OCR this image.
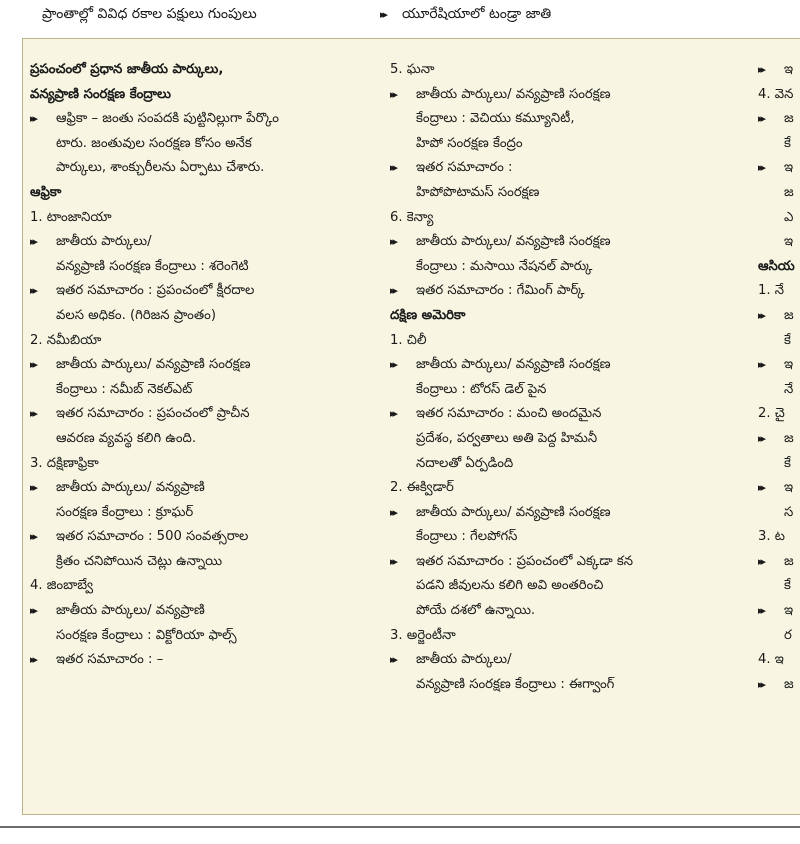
ప్రాంతాల్లో వివిధ రకాల పక్షులు గుంపులు	▸▸ యూరేషియాలో టండ్రా జాతి
ప్రపంచంలో ప్రధాన జాతీయ పార్కులు,
వన్యప్రాణి సంరక్షణ కేంద్రాలు
▸▸ ఆఫ్రికా – జంతు సంపదకి పుట్టినిల్లుగా పేర్కొం
టారు. జంతువుల సంరక్షణ కోసం అనేక
పార్కులు, శాంక్చురీలను ఏర్పాటు చేశారు.
ఆఫ్రికా
1. టాంజానియా
▸▸ జాతీయ పార్కులు/
వన్యప్రాణి సంరక్షణ కేంద్రాలు : శరెంగెటి
▸▸ ఇతర సమాచారం : ప్రపంచంలో క్షీరదాల
వలస అధికం. (గిరిజన ప్రాంతం)
2. నమీబియా
▸▸ జాతీయ పార్కులు/ వన్యప్రాణి సంరక్షణ
కేంద్రాలు : నమీబ్ నెకల్ఎట్
▸▸ ఇతర సమాచారం : ప్రపంచంలో ప్రాచీన
ఆవరణ వ్యవస్థ కలిగి ఉంది.
3. దక్షిణాఫ్రికా
▸▸ జాతీయ పార్కులు/ వన్యప్రాణి
సంరక్షణ కేంద్రాలు : క్రూఘర్
▸▸ ఇతర సమాచారం : 500 సంవత్సరాల
క్రితం చనిపోయిన చెట్లు ఉన్నాయి
4. జింబాబ్వే
▸▸ జాతీయ పార్కులు/ వన్యప్రాణి
సంరక్షణ కేంద్రాలు : విక్టోరియా ఫాల్స్
▸▸ ఇతర సమాచారం : –
5. ఘనా
▸▸ జాతీయ పార్కులు/ వన్యప్రాణి సంరక్షణ
కేంద్రాలు : వెచియు కమ్యూనిటీ,
హిపో సంరక్షణ కేంద్రం
▸▸ ఇతర సమాచారం :
హిపోపొటామస్ సంరక్షణ
6. కెన్యా
▸▸ జాతీయ పార్కులు/ వన్యప్రాణి సంరక్షణ
కేంద్రాలు : మసాయి నేషనల్ పార్కు
▸▸ ఇతర సమాచారం : గేమింగ్ పార్క్
దక్షిణ అమెరికా
1. చిలీ
▸▸ జాతీయ పార్కులు/ వన్యప్రాణి సంరక్షణ
కేంద్రాలు : టోరస్ డెల్ పైన
▸▸ ఇతర సమాచారం : మంచి అందమైన
ప్రదేశం, పర్వతాలు అతి పెద్ద హిమనీ
నదాలతో ఏర్పడింది
2. ఈక్విడార్
▸▸ జాతీయ పార్కులు/ వన్యప్రాణి సంరక్షణ
కేంద్రాలు : గేలపోగస్
▸▸ ఇతర సమాచారం : ప్రపంచంలో ఎక్కడా కన
పడని జీవులను కలిగి అవి అంతరించి
పోయే దశలో ఉన్నాయి.
3. అర్జెంటీనా
▸▸ జాతీయ పార్కులు/
వన్యప్రాణి సంరక్షణ కేంద్రాలు : ఈగ్వాంగ్
▸▸ ఇ
4. వెన
▸▸ జ
కే
▸▸ ఇ
జ
ఎ
ఇ
ఆసియ
1. నే
▸▸ జ
కే
▸▸ ఇ
నే
2. చై
▸▸ జ
కే
▸▸ ఇ
స
3. ట
▸▸ జ
కే
▸▸ ఇ
ర
4. ఇ
▸▸ జ
